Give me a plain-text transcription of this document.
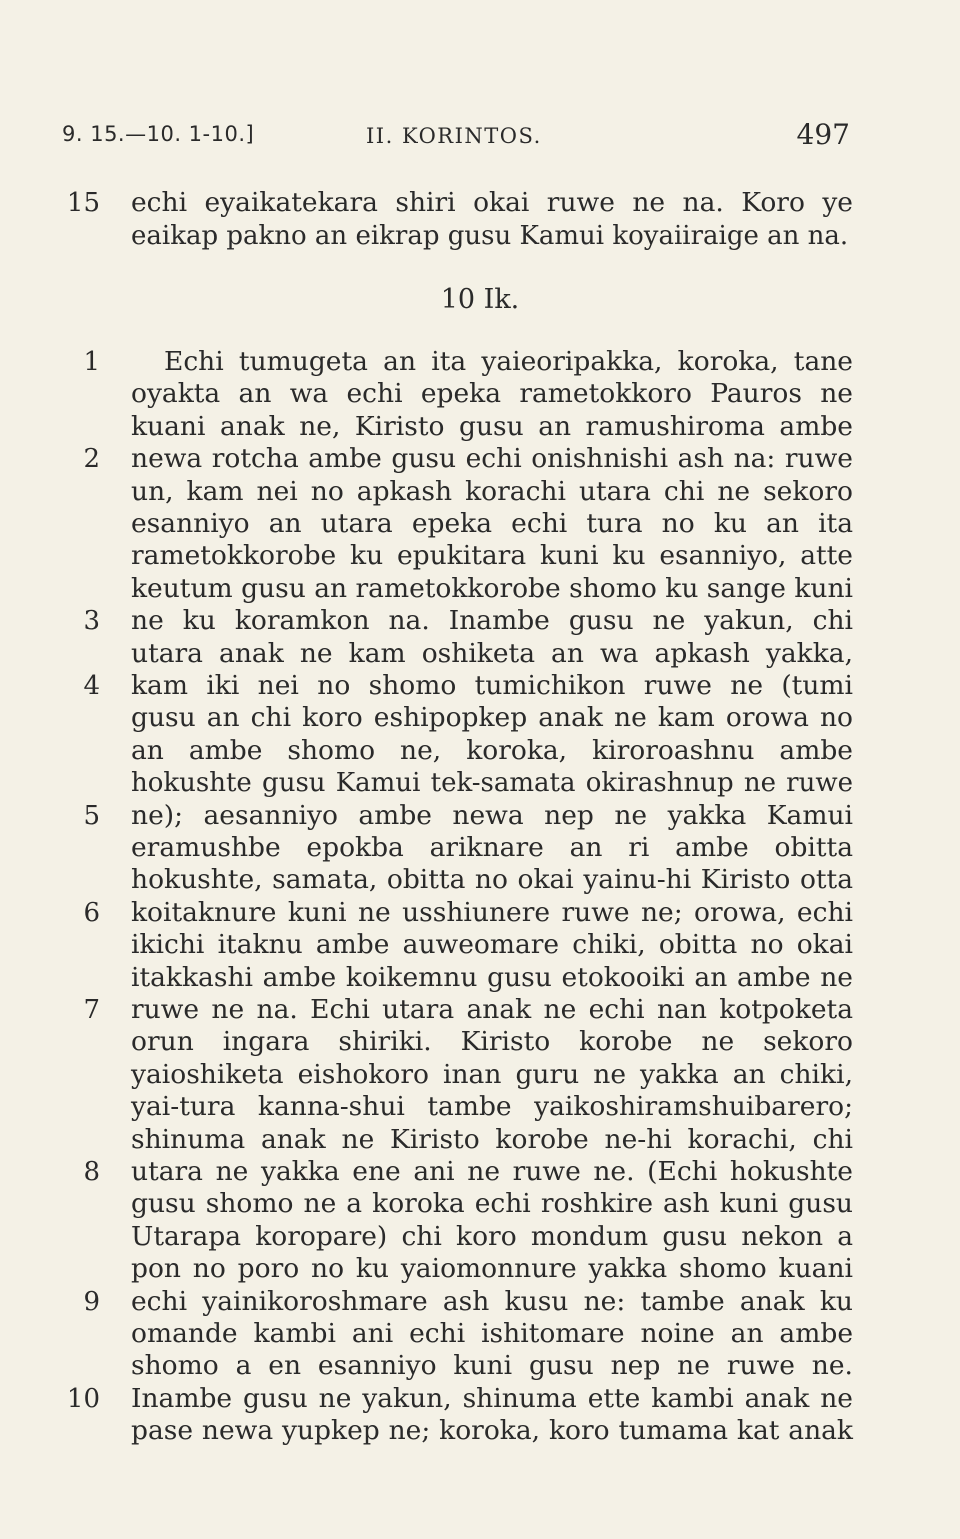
9. 15.—10. 1-10.]	II. KORINTOS.	497
15 echi eyaikatekara shiri okai ruwe ne na. Koro ye
eaikap pakno an eikrap gusu Kamui koyaiiraige an na.
10 Ik.
1 Echi tumugeta an ita yaieoripakka, koroka, tane
oyakta an wa echi epeka rametokkoro Pauros ne
kuani anak ne, Kiristo gusu an ramushiroma ambe
2 newa rotcha ambe gusu echi onishnishi ash na: ruwe
un, kam nei no apkash korachi utara chi ne sekoro
esanniyo an utara epeka echi tura no ku an ita
rametokkorobe ku epukitara kuni ku esanniyo, atte
keutum gusu an rametokkorobe shomo ku sange kuni
3 ne ku koramkon na. Inambe gusu ne yakun, chi
utara anak ne kam oshiketa an wa apkash yakka,
4 kam iki nei no shomo tumichikon ruwe ne (tumi
gusu an chi koro eshipopkep anak ne kam orowa no
an ambe shomo ne, koroka, kiroroashnu ambe
hokushte gusu Kamui tek-samata okirashnup ne ruwe
5 ne); aesanniyo ambe newa nep ne yakka Kamui
eramushbe epokba ariknare an ri ambe obitta
hokushte, samata, obitta no okai yainu-hi Kiristo otta
6 koitaknure kuni ne usshiunere ruwe ne; orowa, echi
ikichi itaknu ambe auweomare chiki, obitta no okai
itakkashi ambe koikemnu gusu etokooiki an ambe ne
7 ruwe ne na. Echi utara anak ne echi nan kotpoketa
orun ingara shiriki. Kiristo korobe ne sekoro
yaioshiketa eishokoro inan guru ne yakka an chiki,
yai-tura kanna-shui tambe yaikoshiramshuibarero;
shinuma anak ne Kiristo korobe ne-hi korachi, chi
8 utara ne yakka ene ani ne ruwe ne. (Echi hokushte
gusu shomo ne a koroka echi roshkire ash kuni gusu
Utarapa koropare) chi koro mondum gusu nekon a
pon no poro no ku yaiomonnure yakka shomo kuani
9 echi yainikoroshmare ash kusu ne: tambe anak ku
omande kambi ani echi ishitomare noine an ambe
shomo a en esanniyo kuni gusu nep ne ruwe ne.
10 Inambe gusu ne yakun, shinuma ette kambi anak ne
pase newa yupkep ne; koroka, koro tumama kat anak
